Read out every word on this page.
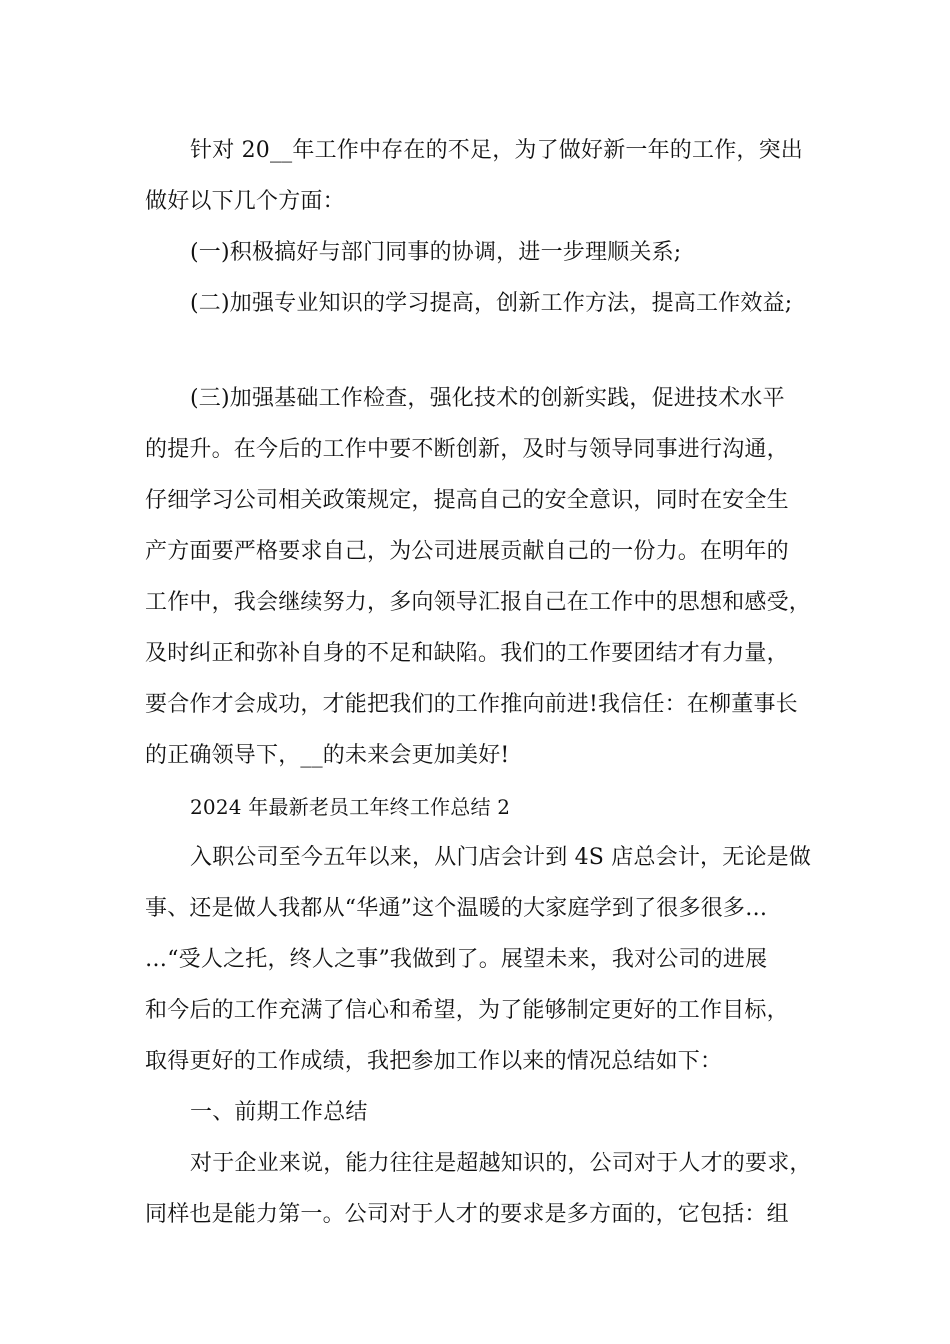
针对 20__年工作中存在的不足，为了做好新一年的工作，突出
做好以下几个方面：
(一)积极搞好与部门同事的协调，进一步理顺关系;
(二)加强专业知识的学习提高，创新工作方法，提高工作效益;
(三)加强基础工作检查，强化技术的创新实践，促进技术水平
的提升。在今后的工作中要不断创新，及时与领导同事进行沟通，
仔细学习公司相关政策规定，提高自己的安全意识，同时在安全生
产方面要严格要求自己，为公司进展贡献自己的一份力。在明年的
工作中，我会继续努力，多向领导汇报自己在工作中的思想和感受，
及时纠正和弥补自身的不足和缺陷。我们的工作要团结才有力量，
要合作才会成功，才能把我们的工作推向前进!我信任：在柳董事长
的正确领导下，__的未来会更加美好!
2024 年最新老员工年终工作总结 2
入职公司至今五年以来，从门店会计到 4S 店总会计，无论是做
事、还是做人我都从“华通”这个温暖的大家庭学到了很多很多…
…“受人之托，终人之事”我做到了。展望未来，我对公司的进展
和今后的工作充满了信心和希望，为了能够制定更好的工作目标，
取得更好的工作成绩，我把参加工作以来的情况总结如下：
一、前期工作总结
对于企业来说，能力往往是超越知识的，公司对于人才的要求，
同样也是能力第一。公司对于人才的要求是多方面的，它包括：组
